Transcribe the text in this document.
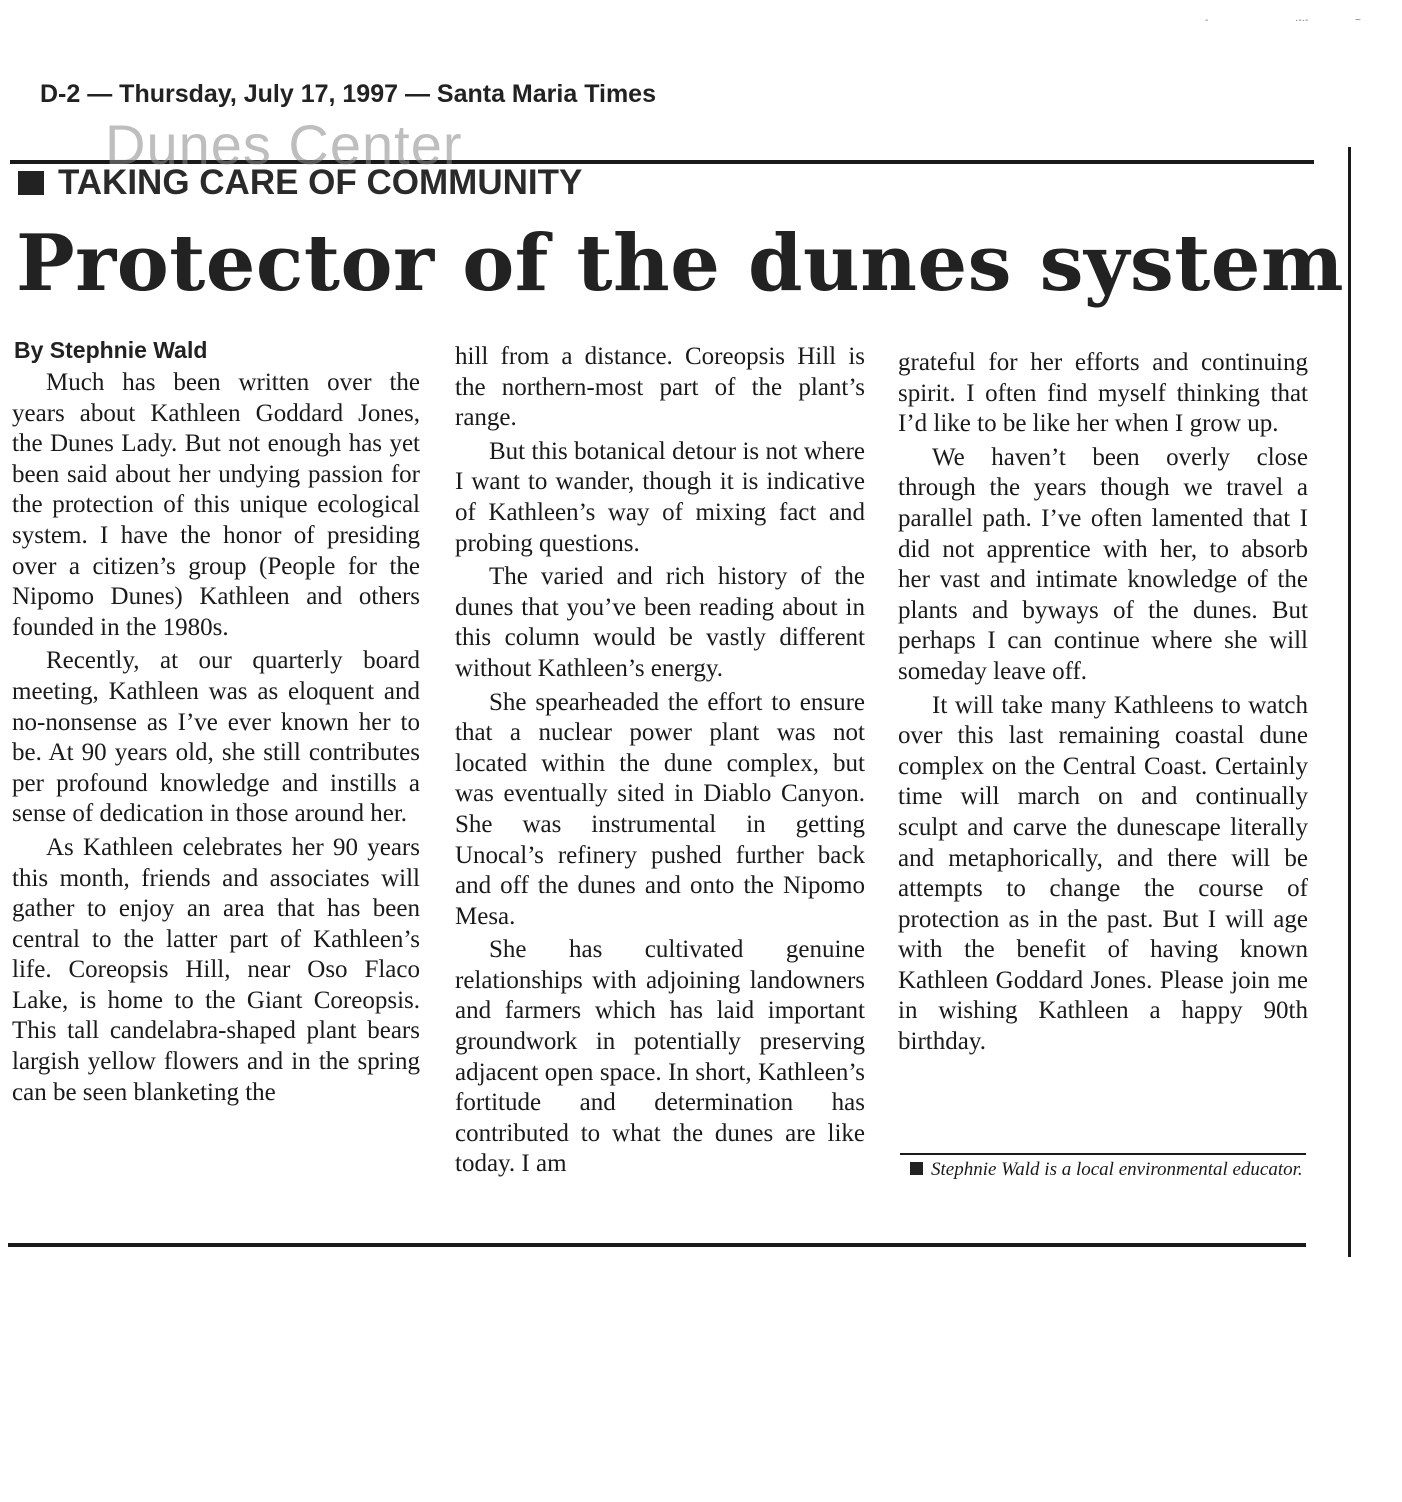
-	·-·-	~
D-2 — Thursday, July 17, 1997 — Santa Maria Times
TAKING CARE OF COMMUNITY
Dunes Center
Protector of the dunes system
By Stephnie Wald

Much has been written over the years about Kathleen Goddard Jones, the Dunes Lady. But not enough has yet been said about her undying passion for the protection of this unique ecological system. I have the honor of presiding over a citizen’s group (People for the Nipomo Dunes) Kathleen and others founded in the 1980s.

Recently, at our quarterly board meeting, Kathleen was as eloquent and no-nonsense as I’ve ever known her to be. At 90 years old, she still contributes per profound knowledge and instills a sense of dedication in those around her.

As Kathleen celebrates her 90 years this month, friends and associates will gather to enjoy an area that has been central to the latter part of Kathleen’s life. Coreopsis Hill, near Oso Flaco Lake, is home to the Giant Coreopsis. This tall candelabra-shaped plant bears largish yellow flowers and in the spring can be seen blanketing the

hill from a distance. Coreopsis Hill is the northern-most part of the plant’s range.

But this botanical detour is not where I want to wander, though it is indicative of Kathleen’s way of mixing fact and probing questions.

The varied and rich history of the dunes that you’ve been reading about in this column would be vastly different without Kathleen’s energy.

She spearheaded the effort to ensure that a nuclear power plant was not located within the dune complex, but was eventually sited in Diablo Canyon. She was instrumental in getting Unocal’s refinery pushed further back and off the dunes and onto the Nipomo Mesa.

She has cultivated genuine relationships with adjoining landowners and farmers which has laid important groundwork in potentially preserving adjacent open space. In short, Kathleen’s fortitude and determination has contributed to what the dunes are like today. I am

grateful for her efforts and continuing spirit. I often find myself thinking that I’d like to be like her when I grow up.

We haven’t been overly close through the years though we travel a parallel path. I’ve often lamented that I did not apprentice with her, to absorb her vast and intimate knowledge of the plants and byways of the dunes. But perhaps I can continue where she will someday leave off.

It will take many Kathleens to watch over this last remaining coastal dune complex on the Central Coast. Certainly time will march on and continually sculpt and carve the dunescape literally and metaphorically, and there will be attempts to change the course of protection as in the past. But I will age with the benefit of having known Kathleen Goddard Jones. Please join me in wishing Kathleen a happy 90th birthday.

Stephnie Wald is a local environmental educator.
